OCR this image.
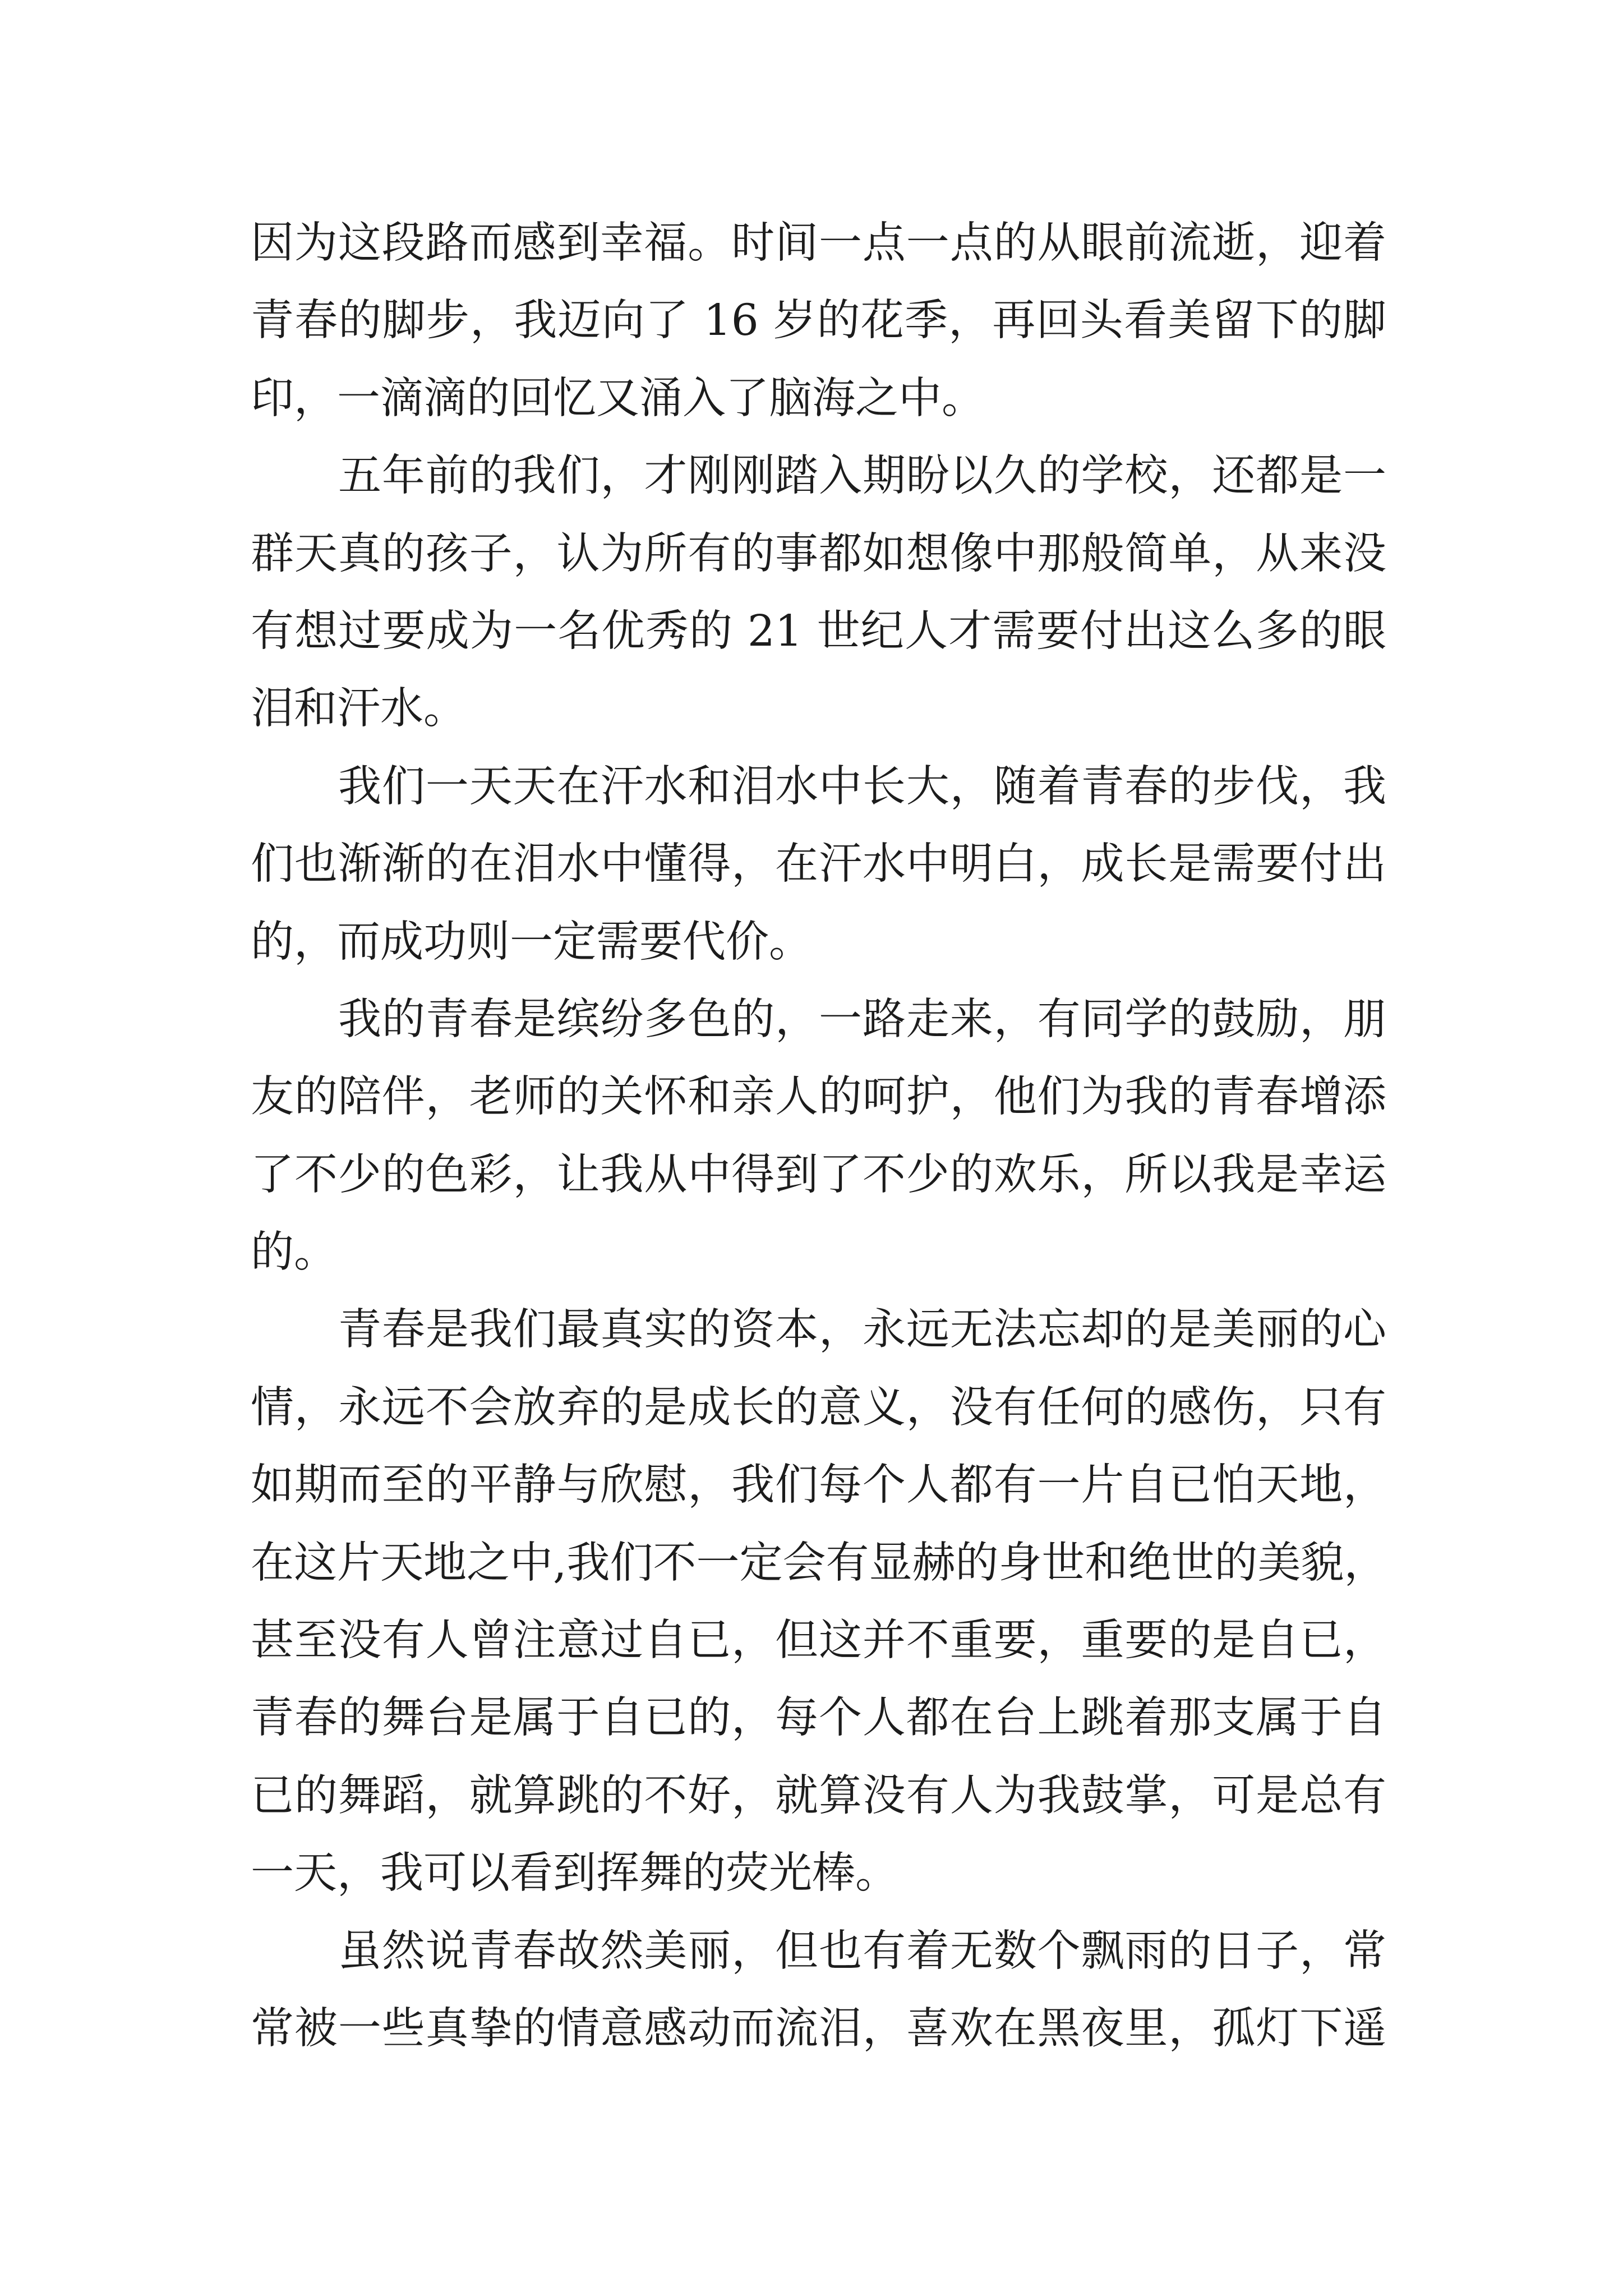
因为这段路而感到幸福。时间一点一点的从眼前流逝，迎着
青春的脚步，我迈向了 16 岁的花季，再回头看美留下的脚
印，一滴滴的回忆又涌入了脑海之中。
五年前的我们，才刚刚踏入期盼以久的学校，还都是一
群天真的孩子，认为所有的事都如想像中那般简单，从来没
有想过要成为一名优秀的 21 世纪人才需要付出这么多的眼
泪和汗水。
我们一天天在汗水和泪水中长大，随着青春的步伐，我
们也渐渐的在泪水中懂得，在汗水中明白，成长是需要付出
的，而成功则一定需要代价。
我的青春是缤纷多色的，一路走来，有同学的鼓励，朋
友的陪伴，老师的关怀和亲人的呵护，他们为我的青春增添
了不少的色彩，让我从中得到了不少的欢乐，所以我是幸运
的。
青春是我们最真实的资本，永远无法忘却的是美丽的心
情，永远不会放弃的是成长的意义，没有任何的感伤，只有
如期而至的平静与欣慰，我们每个人都有一片自已怕天地，
在这片天地之中,我们不一定会有显赫的身世和绝世的美貌，
甚至没有人曾注意过自已，但这并不重要，重要的是自已，
青春的舞台是属于自已的，每个人都在台上跳着那支属于自
已的舞蹈，就算跳的不好，就算没有人为我鼓掌，可是总有
一天，我可以看到挥舞的荧光棒。
虽然说青春故然美丽，但也有着无数个飘雨的日子，常
常被一些真挚的情意感动而流泪，喜欢在黑夜里，孤灯下遥
